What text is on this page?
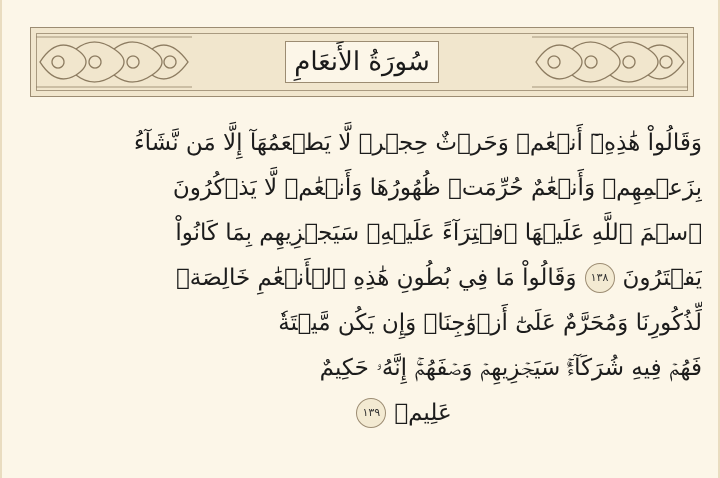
سُورَةُ الأَنعَامِ
وَقَالُواْ هَٰذِهِۦٓ أَنۡعَٰمٞ وَحَرۡثٌ حِجۡرٞ لَّا يَطۡعَمُهَآ إِلَّا مَن نَّشَآءُ
بِزَعۡمِهِمۡ وَأَنۡعَٰمٌ حُرِّمَتۡ ظُهُورُهَا وَأَنۡعَٰمٞ لَّا يَذۡكُرُونَ
ٱسۡمَ ٱللَّهِ عَلَيۡهَا ٱفۡتِرَآءً عَلَيۡهِۚ سَيَجۡزِيهِم بِمَا كَانُواْ
يَفۡتَرُونَ
١٣٨
وَقَالُواْ مَا فِي بُطُونِ هَٰذِهِ ٱلۡأَنۡعَٰمِ خَالِصَةٞ
لِّذُكُورِنَا وَمُحَرَّمٌ عَلَىٰٓ أَزۡوَٰجِنَاۖ وَإِن يَكُن مَّيۡتَةٗ
فَهُمۡ فِيهِ شُرَكَآءُۚ سَيَجۡزِيهِمۡ وَصۡفَهُمۡۚ إِنَّهُۥ حَكِيمٌ
عَلِيمٞ
١٣٩
